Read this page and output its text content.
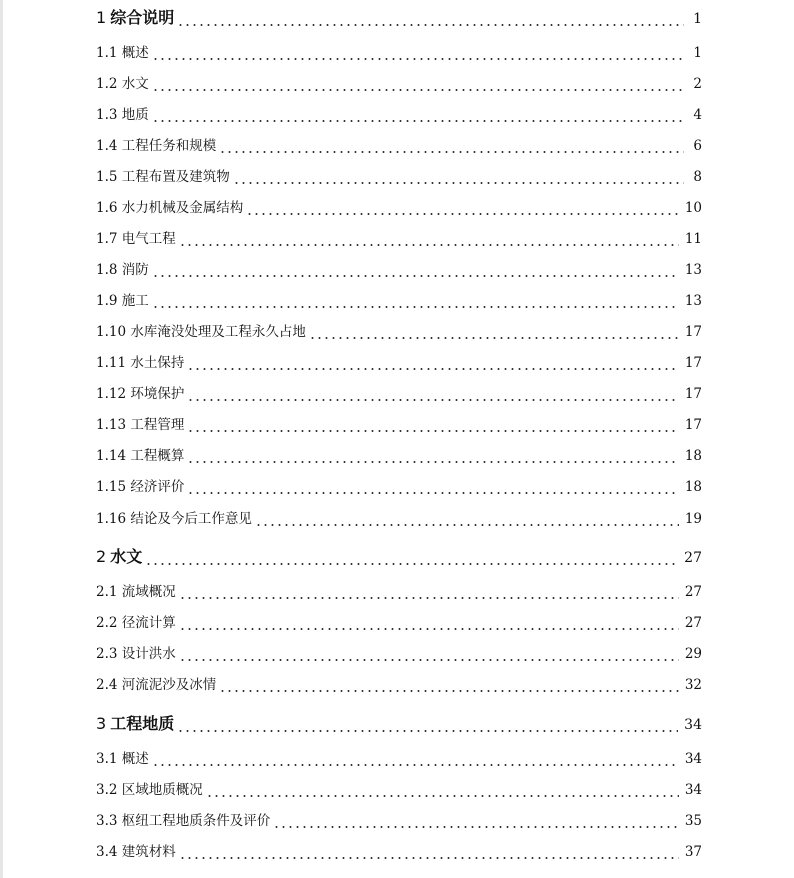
1 综合说明	1
1.1 概述	1
1.2 水文	2
1.3 地质	4
1.4 工程任务和规模	6
1.5 工程布置及建筑物	8
1.6 水力机械及金属结构	10
1.7 电气工程	11
1.8 消防	13
1.9 施工	13
1.10 水库淹没处理及工程永久占地	17
1.11 水土保持	17
1.12 环境保护	17
1.13 工程管理	17
1.14 工程概算	18
1.15 经济评价	18
1.16 结论及今后工作意见	19
2 水文	27
2.1 流域概况	27
2.2 径流计算	27
2.3 设计洪水	29
2.4 河流泥沙及冰情	32
3 工程地质	34
3.1 概述	34
3.2 区域地质概况	34
3.3 枢纽工程地质条件及评价	35
3.4 建筑材料	37
